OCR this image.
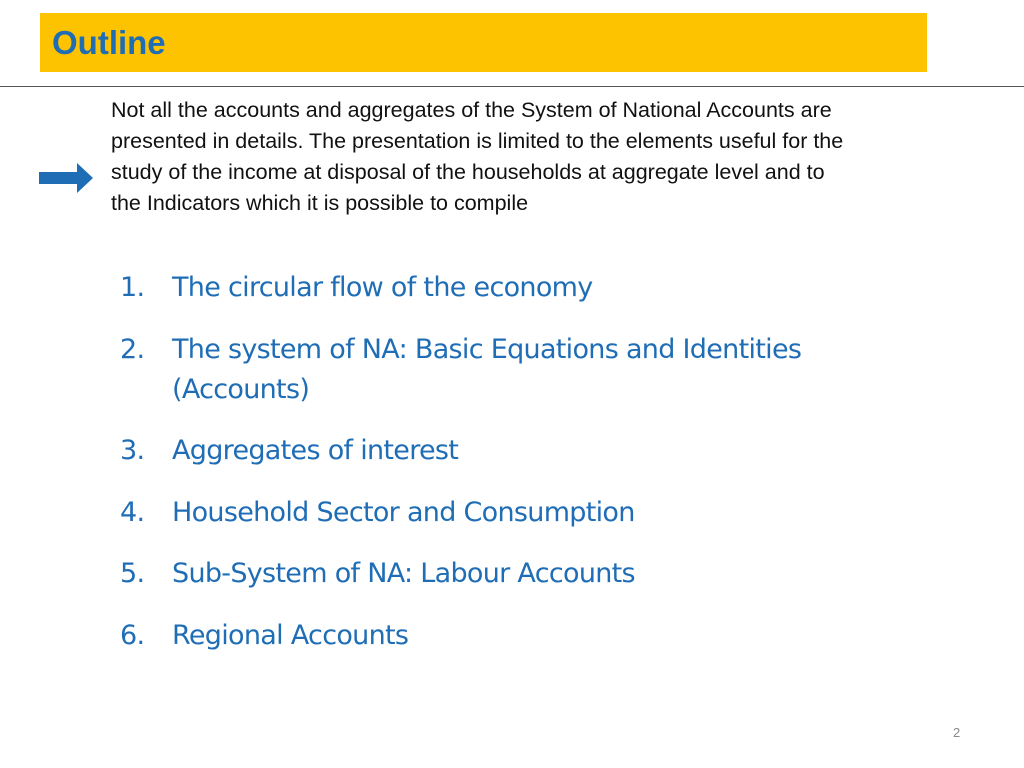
Outline
Not all the accounts and aggregates of the System of National Accounts are presented in details. The presentation is limited to the elements useful for the study of the income at disposal of the households at aggregate level and to the Indicators which it is possible to compile
1.	The circular flow of the economy
2.	The system of NA: Basic Equations and Identities (Accounts)
3.	Aggregates of interest
4.	Household Sector and Consumption
5.	Sub-System of NA: Labour Accounts
6.	Regional Accounts
2
